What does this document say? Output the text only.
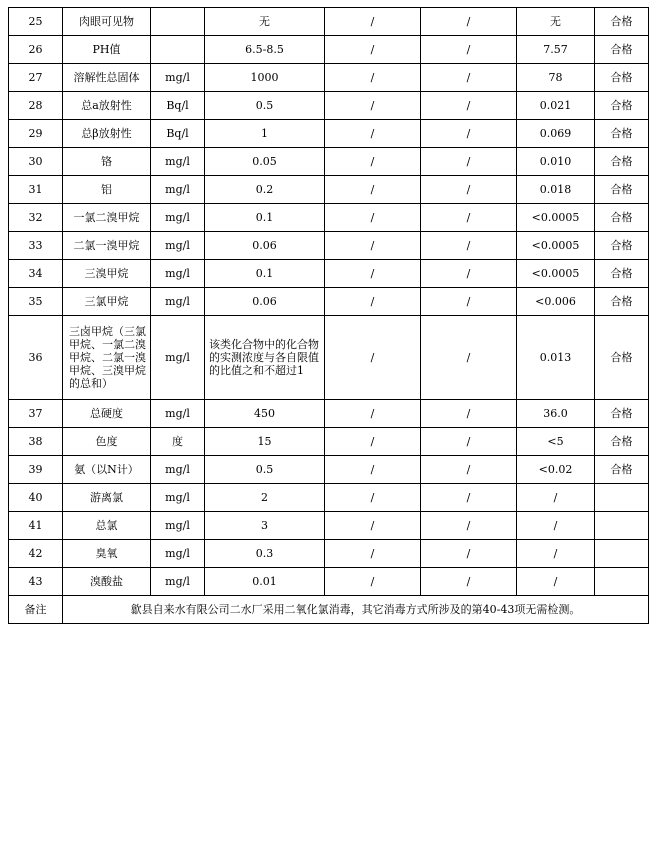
25	肉眼可见物		无	/	/	无	合格
26	PH值		6.5-8.5	/	/	7.57	合格
27	溶解性总固体	mg/l	1000	/	/	78	合格
28	总a放射性	Bq/l	0.5	/	/	0.021	合格
29	总β放射性	Bq/l	1	/	/	0.069	合格
30	铬	mg/l	0.05	/	/	0.010	合格
31	铝	mg/l	0.2	/	/	0.018	合格
32	一氯二溴甲烷	mg/l	0.1	/	/	<0.0005	合格
33	二氯一溴甲烷	mg/l	0.06	/	/	<0.0005	合格
34	三溴甲烷	mg/l	0.1	/	/	<0.0005	合格
35	三氯甲烷	mg/l	0.06	/	/	<0.006	合格
36	三卤甲烷（三氯甲烷、一氯二溴甲烷、二氯一溴甲烷、三溴甲烷的总和）	mg/l	该类化合物中的化合物的实测浓度与各自限值的比值之和不超过1	/	/	0.013	合格
37	总硬度	mg/l	450	/	/	36.0	合格
38	色度	度	15	/	/	<5	合格
39	氨（以N计）	mg/l	0.5	/	/	<0.02	合格
40	游离氯	mg/l	2	/	/	/	
41	总氯	mg/l	3	/	/	/	
42	臭氧	mg/l	0.3	/	/	/	
43	溴酸盐	mg/l	0.01	/	/	/	
备注	歙县自来水有限公司二水厂采用二氧化氯消毒，其它消毒方式所涉及的第40-43项无需检测。						
